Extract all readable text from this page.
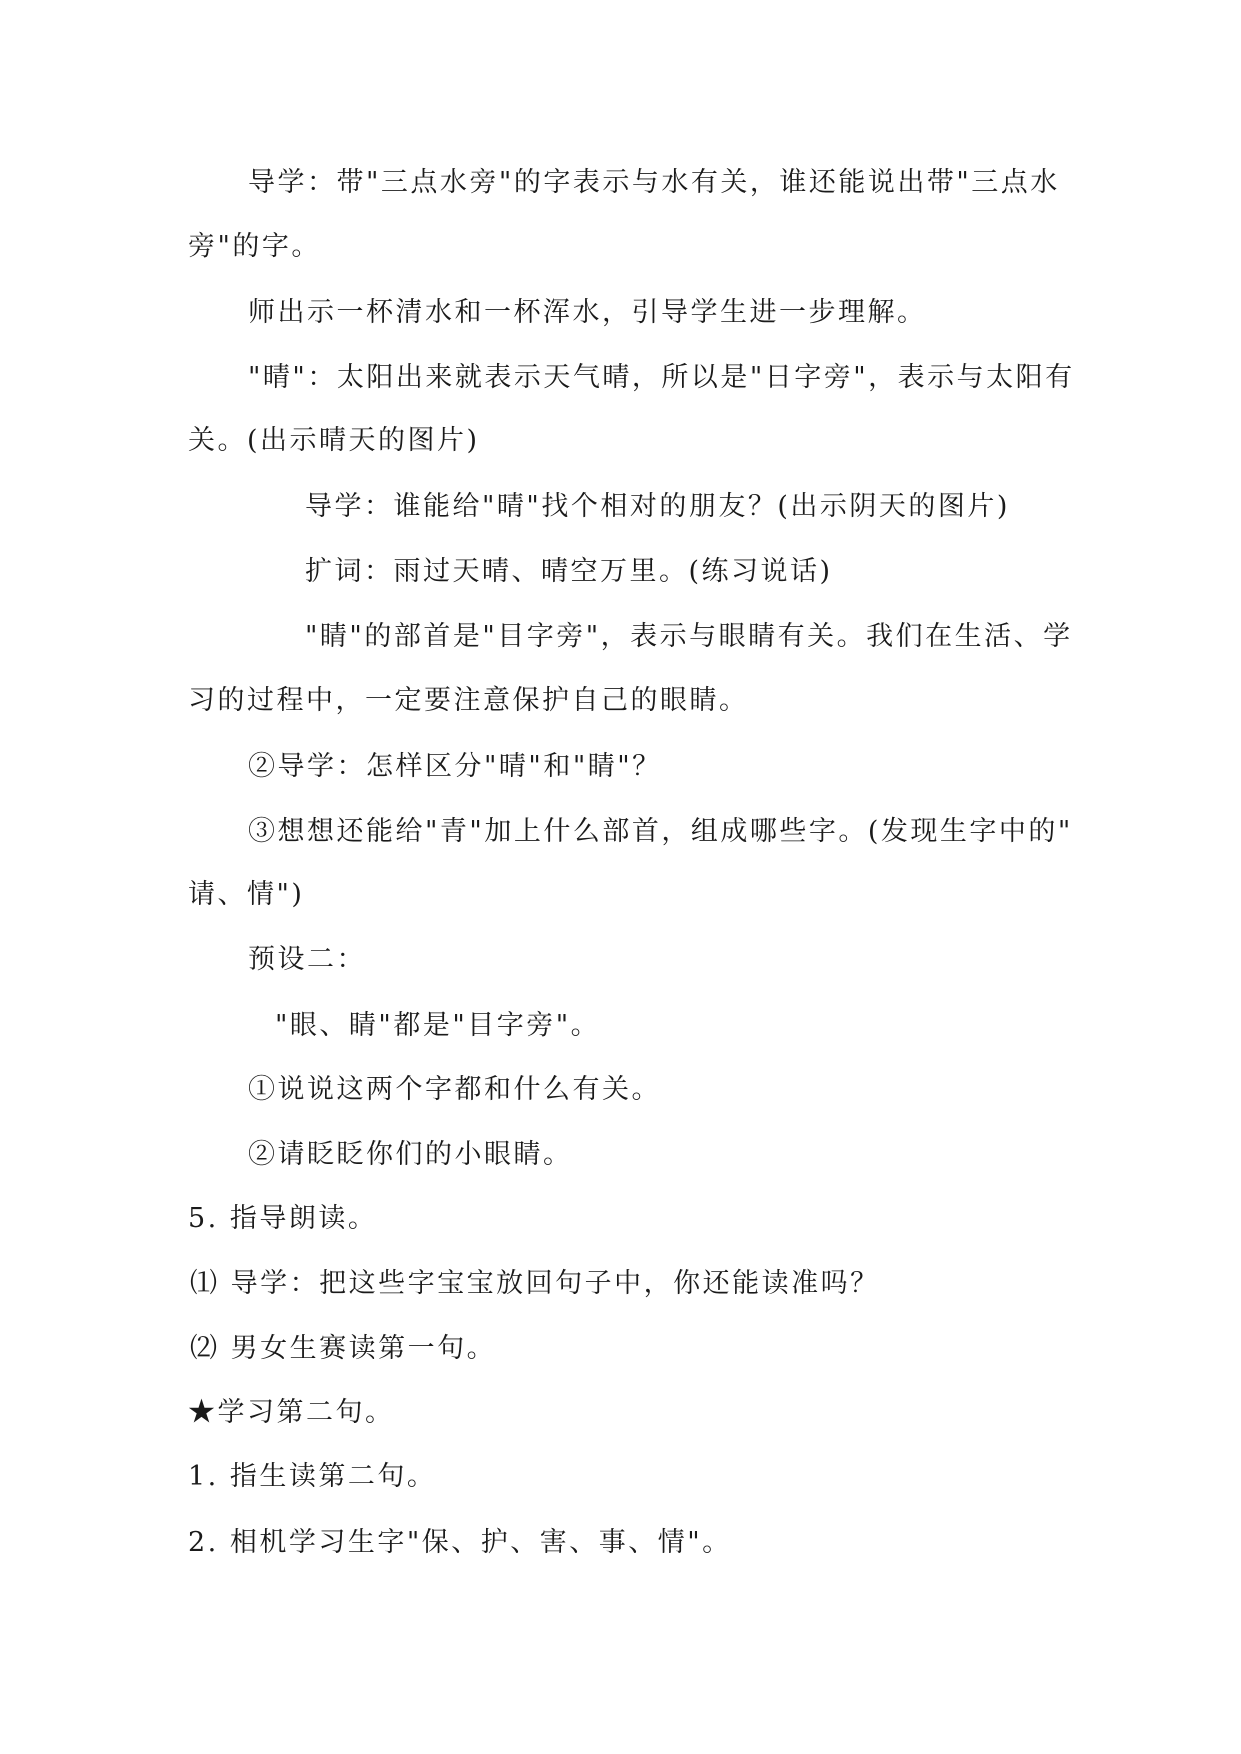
导学：带"三点水旁"的字表示与水有关，谁还能说出带"三点水
旁"的字。
师出示一杯清水和一杯浑水，引导学生进一步理解。
"晴"：太阳出来就表示天气晴，所以是"日字旁"，表示与太阳有
关。(出示晴天的图片)
导学：谁能给"晴"找个相对的朋友？(出示阴天的图片)
扩词：雨过天晴、晴空万里。(练习说话)
"睛"的部首是"目字旁"，表示与眼睛有关。我们在生活、学
习的过程中，一定要注意保护自己的眼睛。
②导学：怎样区分"晴"和"睛"？
③想想还能给"青"加上什么部首，组成哪些字。(发现生字中的"
请、情")
预设二：
"眼、睛"都是"目字旁"。
①说说这两个字都和什么有关。
②请眨眨你们的小眼睛。
5. 指导朗读。
⑴ 导学：把这些字宝宝放回句子中，你还能读准吗？
⑵ 男女生赛读第一句。
★学习第二句。
1. 指生读第二句。
2. 相机学习生字"保、护、害、事、情"。
